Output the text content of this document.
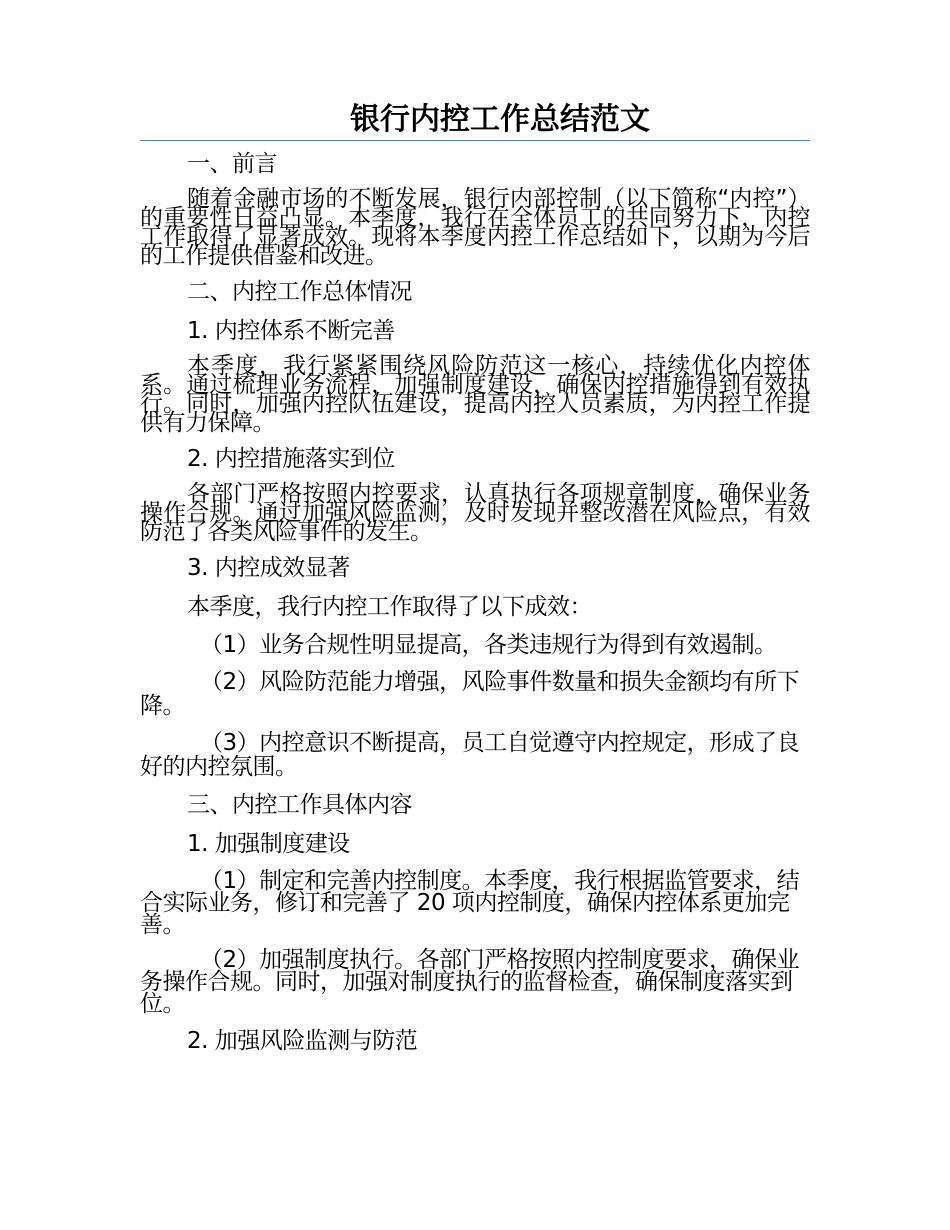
银行内控工作总结范文

一、前言

随着金融市场的不断发展，银行内部控制（以下简称“内控”）的重要性日益凸显。本季度，我行在全体员工的共同努力下，内控工作取得了显著成效。现将本季度内控工作总结如下，以期为今后的工作提供借鉴和改进。

二、内控工作总体情况

1. 内控体系不断完善

本季度，我行紧紧围绕风险防范这一核心，持续优化内控体系。通过梳理业务流程，加强制度建设，确保内控措施得到有效执行。同时，加强内控队伍建设，提高内控人员素质，为内控工作提供有力保障。

2. 内控措施落实到位

各部门严格按照内控要求，认真执行各项规章制度，确保业务操作合规。通过加强风险监测，及时发现并整改潜在风险点，有效防范了各类风险事件的发生。

3. 内控成效显著

本季度，我行内控工作取得了以下成效：

（1）业务合规性明显提高，各类违规行为得到有效遏制。

（2）风险防范能力增强，风险事件数量和损失金额均有所下降。

（3）内控意识不断提高，员工自觉遵守内控规定，形成了良好的内控氛围。

三、内控工作具体内容

1. 加强制度建设

（1）制定和完善内控制度。本季度，我行根据监管要求，结合实际业务，修订和完善了 20 项内控制度，确保内控体系更加完善。

（2）加强制度执行。各部门严格按照内控制度要求，确保业务操作合规。同时，加强对制度执行的监督检查，确保制度落实到位。

2. 加强风险监测与防范
